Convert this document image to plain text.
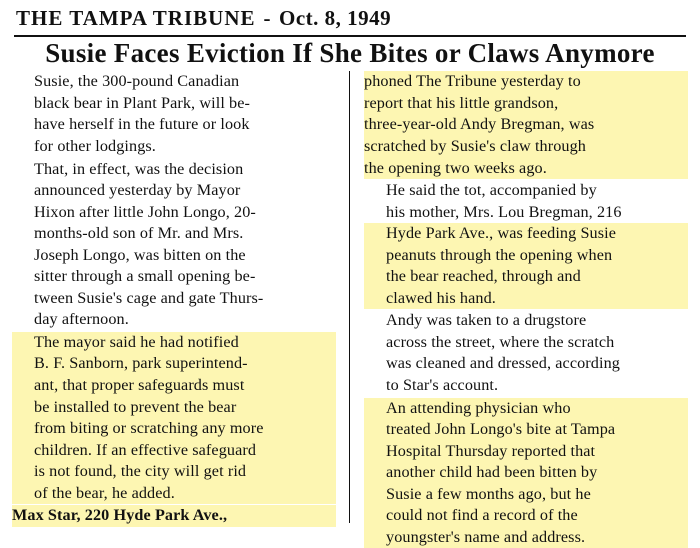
THE TAMPA TRIBUNE - Oct. 8, 1949
Susie Faces Eviction If She Bites or Claws Anymore

Susie, the 300-pound Canadian
black bear in Plant Park, will be-
have herself in the future or look
for other lodgings.

That, in effect, was the decision
announced yesterday by Mayor
Hixon after little John Longo, 20-
months-old son of Mr. and Mrs.
Joseph Longo, was bitten on the
sitter through a small opening be-
tween Susie's cage and gate Thurs-
day afternoon.

The mayor said he had notified
B. F. Sanborn, park superintend-
ant, that proper safeguards must
be installed to prevent the bear
from biting or scratching any more
children. If an effective safeguard
is not found, the city will get rid
of the bear, he added.

Max Star, 220 Hyde Park Ave.,

phoned The Tribune yesterday to
report that his little grandson,
three-year-old Andy Bregman, was
scratched by Susie's claw through
the opening two weeks ago.

He said the tot, accompanied by
his mother, Mrs. Lou Bregman, 216
Hyde Park Ave., was feeding Susie
peanuts through the opening when
the bear reached, through and
clawed his hand.

Andy was taken to a drugstore
across the street, where the scratch
was cleaned and dressed, according
to Star's account.

An attending physician who
treated John Longo's bite at Tampa
Hospital Thursday reported that
another child had been bitten by
Susie a few months ago, but he
could not find a record of the
youngster's name and address.
